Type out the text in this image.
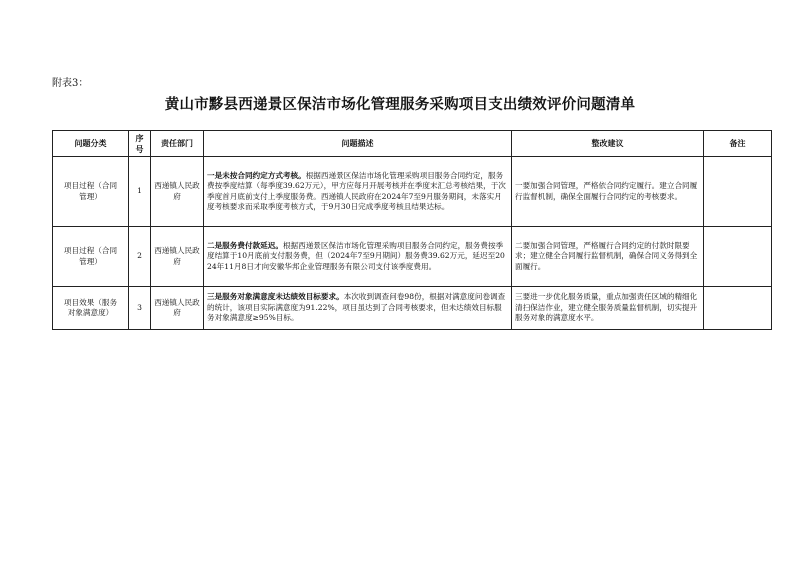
附表3：
黄山市黟县西递景区保洁市场化管理服务采购项目支出绩效评价问题清单
问题分类	序号	责任部门	问题描述	整改建议	备注
项目过程（合同管理）	1	西递镇人民政府	一是未按合同约定方式考核。根据西递景区保洁市场化管理采购项目服务合同约定，服务费按季度结算（每季度39.62万元），甲方应每月开展考核并在季度末汇总考核结果，于次季度首月底前支付上季度服务费。西递镇人民政府在2024年7至9月服务期间，未落实月度考核要求而采取季度考核方式，于9月30日完成季度考核且结果达标。	一要加强合同管理，严格依合同约定履行。建立合同履行监督机制，确保全面履行合同约定的考核要求。	
项目过程（合同管理）	2	西递镇人民政府	二是服务费付款延迟。根据西递景区保洁市场化管理采购项目服务合同约定，服务费按季度结算于10月底前支付服务费，但（2024年7至9月期间）服务费39.62万元，延迟至2024年11月8日才向安徽华邦企业管理服务有限公司支付该季度费用。	二要加强合同管理，严格履行合同约定的付款时限要求；建立健全合同履行监督机制，确保合同义务得到全面履行。	
项目效果（服务对象满意度）	3	西递镇人民政府	三是服务对象满意度未达绩效目标要求。本次收到调查问卷98份，根据对满意度问卷调查的统计，该项目实际满意度为91.22%，项目虽达到了合同考核要求，但未达绩效目标服务对象满意度≥95%目标。	三要进一步优化服务质量，重点加强责任区域的精细化清扫保洁作业，建立健全服务质量监督机制，切实提升服务对象的满意度水平。	
